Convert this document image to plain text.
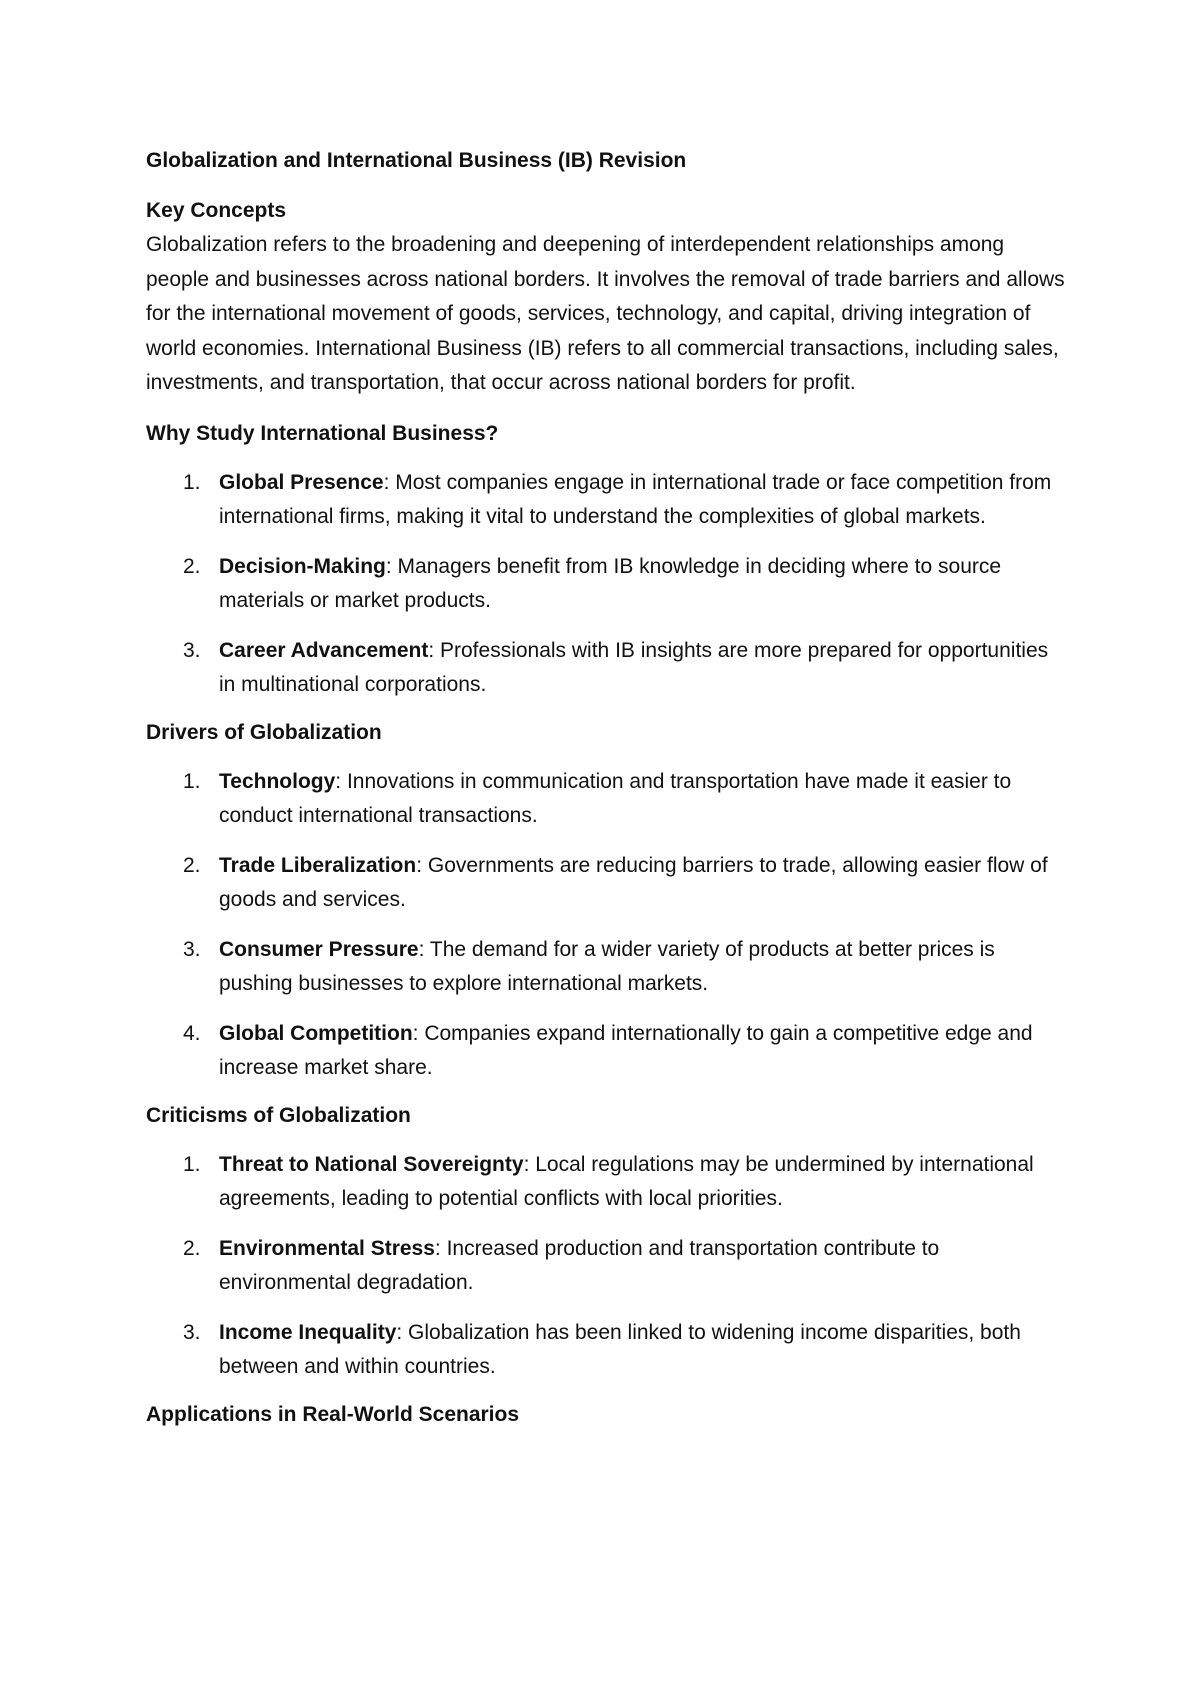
Globalization and International Business (IB) Revision

Key Concepts

Globalization refers to the broadening and deepening of interdependent relationships among people and businesses across national borders. It involves the removal of trade barriers and allows for the international movement of goods, services, technology, and capital, driving integration of world economies. International Business (IB) refers to all commercial transactions, including sales, investments, and transportation, that occur across national borders for profit.

Why Study International Business?

1. Global Presence: Most companies engage in international trade or face competition from international firms, making it vital to understand the complexities of global markets.
2. Decision-Making: Managers benefit from IB knowledge in deciding where to source materials or market products.
3. Career Advancement: Professionals with IB insights are more prepared for opportunities in multinational corporations.

Drivers of Globalization

1. Technology: Innovations in communication and transportation have made it easier to conduct international transactions.
2. Trade Liberalization: Governments are reducing barriers to trade, allowing easier flow of goods and services.
3. Consumer Pressure: The demand for a wider variety of products at better prices is pushing businesses to explore international markets.
4. Global Competition: Companies expand internationally to gain a competitive edge and increase market share.

Criticisms of Globalization

1. Threat to National Sovereignty: Local regulations may be undermined by international agreements, leading to potential conflicts with local priorities.
2. Environmental Stress: Increased production and transportation contribute to environmental degradation.
3. Income Inequality: Globalization has been linked to widening income disparities, both between and within countries.

Applications in Real-World Scenarios
